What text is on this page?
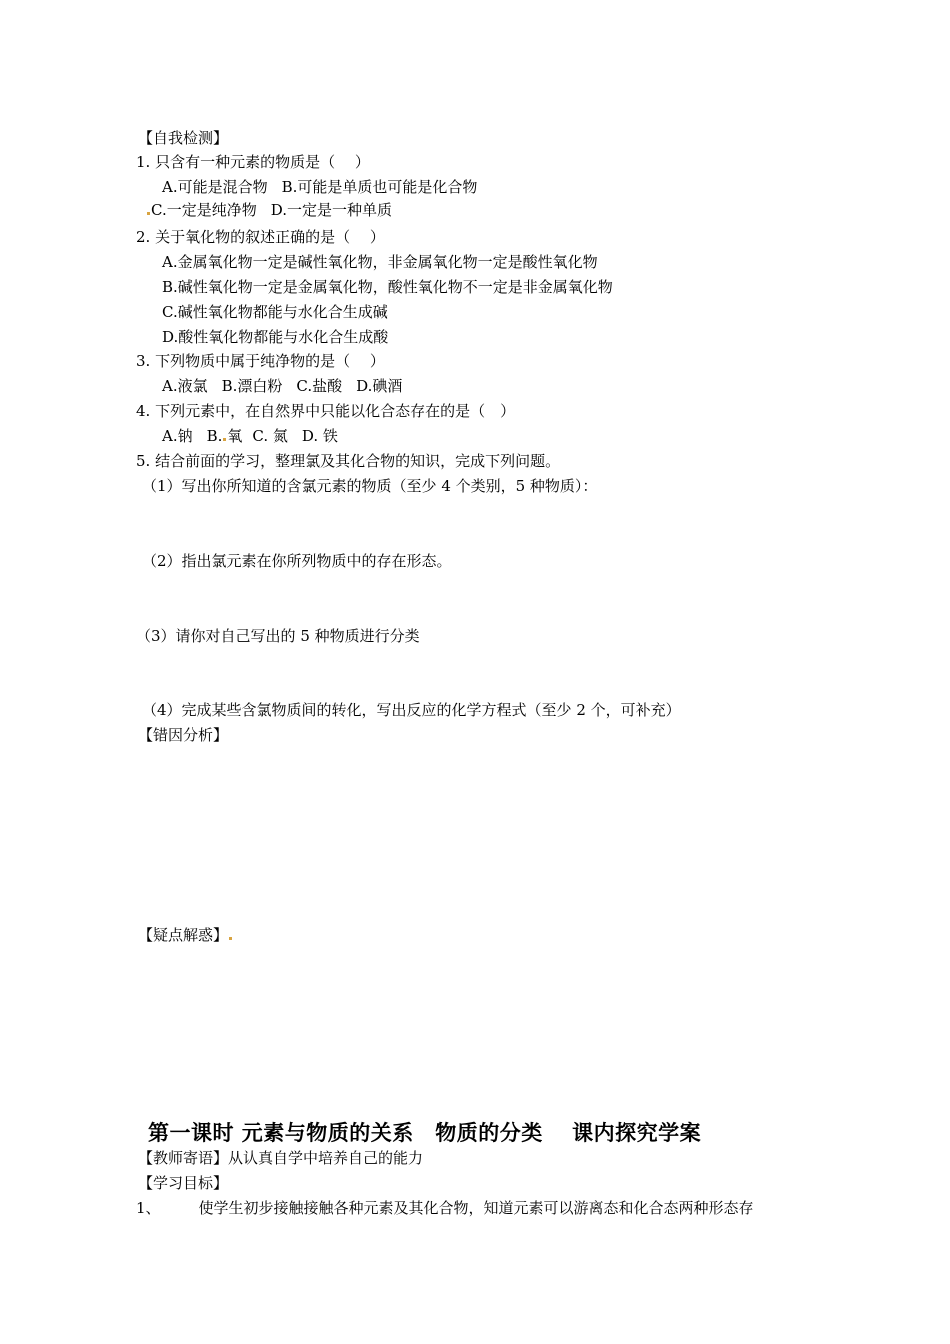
【自我检测】
1. 只含有一种元素的物质是（　 ）
A.可能是混合物 B.可能是单质也可能是化合物
C.一定是纯净物 D.一定是一种单质
2. 关于氧化物的叙述正确的是（　 ）
A.金属氧化物一定是碱性氧化物，非金属氧化物一定是酸性氧化物
B.碱性氧化物一定是金属氧化物，酸性氧化物不一定是非金属氧化物
C.碱性氧化物都能与水化合生成碱
D.酸性氧化物都能与水化合生成酸
3. 下列物质中属于纯净物的是（　 ）
A.液氯 B.漂白粉 C.盐酸 D.碘酒
4. 下列元素中，在自然界中只能以化合态存在的是（　）
A.钠 B. 氧 C. 氮 D. 铁
5. 结合前面的学习，整理氯及其化合物的知识，完成下列问题。
（1）写出你所知道的含氯元素的物质（至少 4 个类别，5 种物质）：
（2）指出氯元素在你所列物质中的存在形态。
（3）请你对自己写出的 5 种物质进行分类
（4）完成某些含氯物质间的转化，写出反应的化学方程式（至少 2 个，可补充）
【错因分析】
【疑点解惑】
第一课时 元素与物质的关系　物质的分类　 课内探究学案
【教师寄语】从认真自学中培养自己的能力
【学习目标】
1、	使学生初步接触接触各种元素及其化合物，知道元素可以游离态和化合态两种形态存
